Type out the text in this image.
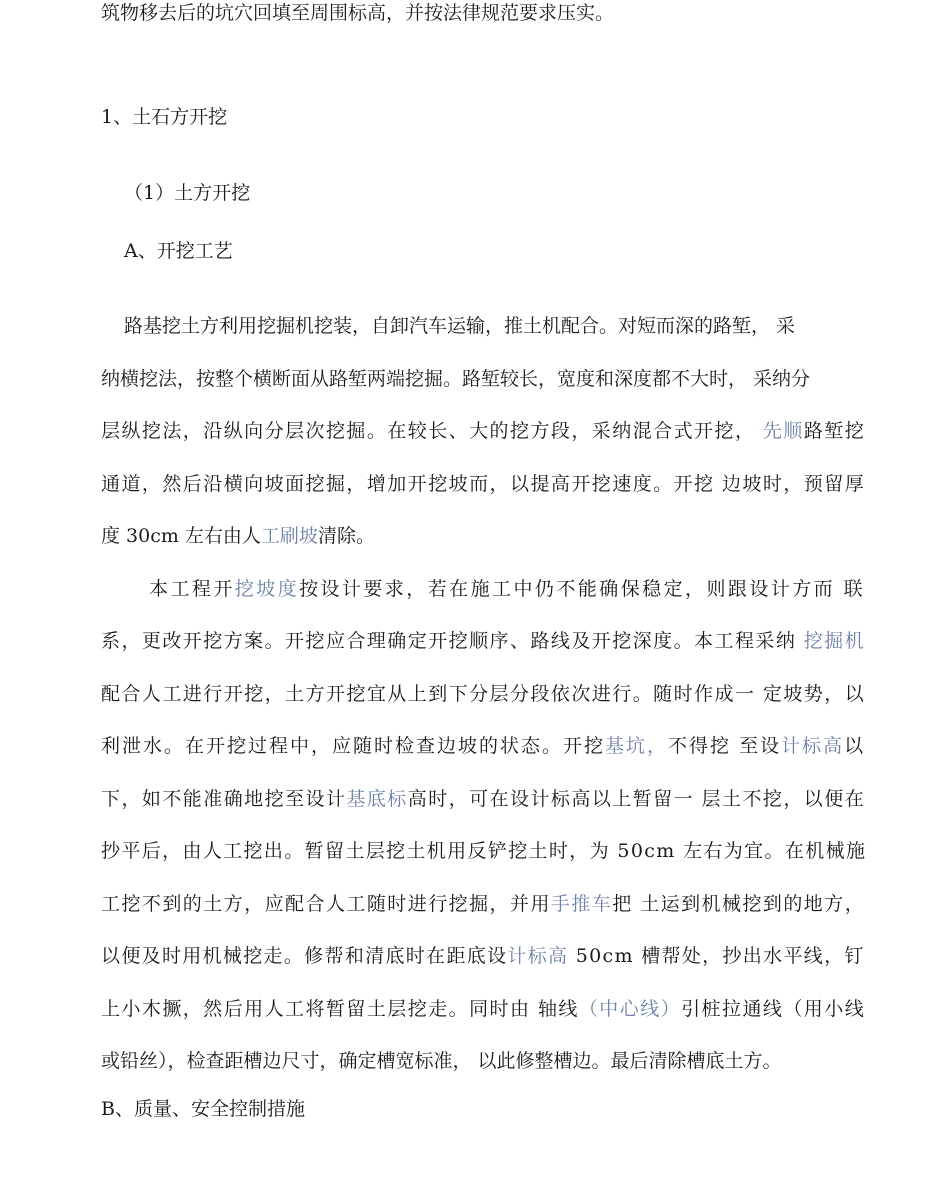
筑物移去后的坑穴回填至周围标高，并按法律规范要求压实。

1、土石方开挖

（1）土方开挖

A、开挖工艺

路基挖土方利用挖掘机挖装，自卸汽车运输，推土机配合。对短而深的路堑， 采

纳横挖法，按整个横断面从路堑两端挖掘。路堑较长，宽度和深度都不大时， 采纳分

层纵挖法，沿纵向分层次挖掘。在较长、大的挖方段，采纳混合式开挖， 先顺路堑挖

通道，然后沿横向坡面挖掘，增加开挖坡而，以提高开挖速度。开挖 边坡时，预留厚

度 30cm 左右由人工刷坡清除。

本工程开挖坡度按设计要求，若在施工中仍不能确保稳定，则跟设计方而 联

系，更改开挖方案。开挖应合理确定开挖顺序、路线及开挖深度。本工程采纳 挖掘机

配合人工进行开挖，土方开挖宜从上到下分层分段依次进行。随时作成一 定坡势，以

利泄水。在开挖过程中，应随时检查边坡的状态。开挖基坑，不得挖 至设计标高以

下，如不能准确地挖至设计基底标高时，可在设计标高以上暂留一 层土不挖，以便在

抄平后，由人工挖出。暂留土层挖土机用反铲挖土时，为 50cm 左右为宜。在机械施

工挖不到的土方，应配合人工随时进行挖掘，并用手推车把 土运到机械挖到的地方，

以便及时用机械挖走。修帮和清底时在距底设计标高 50cm 槽帮处，抄出水平线，钉

上小木撅，然后用人工将暂留土层挖走。同时由 轴线（中心线）引桩拉通线（用小线

或铅丝），检查距槽边尺寸，确定槽宽标准， 以此修整槽边。最后清除槽底土方。

B、质量、安全控制措施
